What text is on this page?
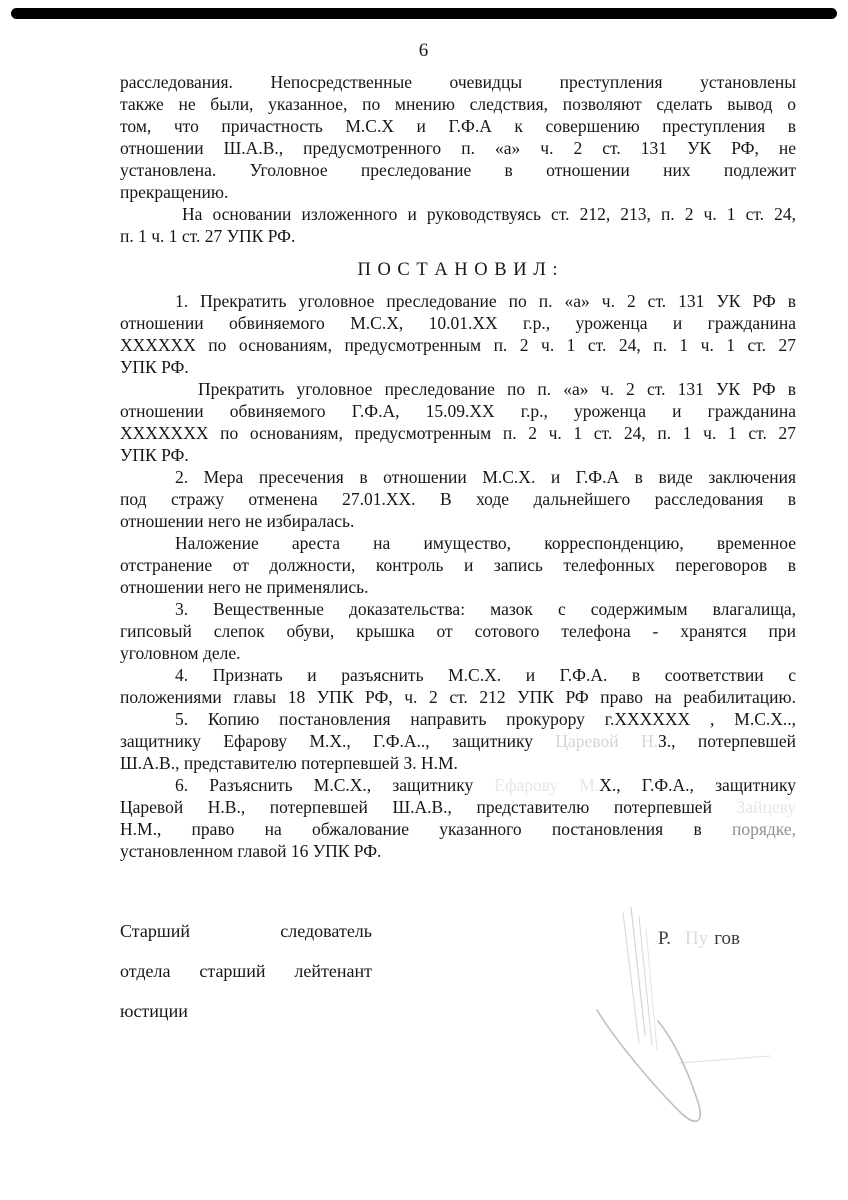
6
расследования. Непосредственные очевидцы преступления установлены
также не были, указанное, по мнению следствия, позволяют сделать вывод о
том, что причастность М.С.Х и Г.Ф.А к совершению преступления в
отношении Ш.А.В., предусмотренного п. «а» ч. 2 ст. 131 УК РФ, не
установлена. Уголовное преследование в отношении них подлежит
прекращению.
На основании изложенного и руководствуясь ст. 212, 213, п. 2 ч. 1 ст. 24,
п. 1 ч. 1 ст. 27 УПК РФ.
П О С Т А Н О В И Л :
1. Прекратить уголовное преследование по п. «а» ч. 2 ст. 131 УК РФ в
отношении обвиняемого М.С.Х, 10.01.ХХ г.р., уроженца и гражданина
ХХХХХХ по основаниям, предусмотренным п. 2 ч. 1 ст. 24, п. 1 ч. 1 ст. 27
УПК РФ.
Прекратить уголовное преследование по п. «а» ч. 2 ст. 131 УК РФ в
отношении обвиняемого Г.Ф.А, 15.09.ХХ г.р., уроженца и гражданина
ХХХХХХХ по основаниям, предусмотренным п. 2 ч. 1 ст. 24, п. 1 ч. 1 ст. 27
УПК РФ.
2. Мера пресечения в отношении М.С.Х. и Г.Ф.А в виде заключения
под стражу отменена 27.01.ХХ. В ходе дальнейшего расследования в
отношении него не избиралась.
Наложение ареста на имущество, корреспонденцию, временное
отстранение от должности, контроль и запись телефонных переговоров в
отношении него не применялись.
3. Вещественные доказательства: мазок с содержимым влагалища,
гипсовый слепок обуви, крышка от сотового телефона - хранятся при
уголовном деле.
4. Признать и разъяснить М.С.Х. и Г.Ф.А. в соответствии с
положениями главы 18 УПК РФ, ч. 2 ст. 212 УПК РФ право на реабилитацию.
5. Копию постановления направить прокурору г.ХХХХХХ , М.С.Х..,
защитнику Ефарову М.Х., Г.Ф.А.., защитнику Царевой Н.З., потерпевшей
Ш.А.В., представителю потерпевшей З. Н.М.
6. Разъяснить М.С.Х., защитнику Ефарову М.Х., Г.Ф.А., защитнику
Царевой Н.В., потерпевшей Ш.А.В., представителю потерпевшей Зайцеву
Н.М., право на обжалование указанного постановления в порядке,
установленном главой 16 УПК РФ.
Старший следователь
отдела старший лейтенант
юстиции
Р. Пу гов
